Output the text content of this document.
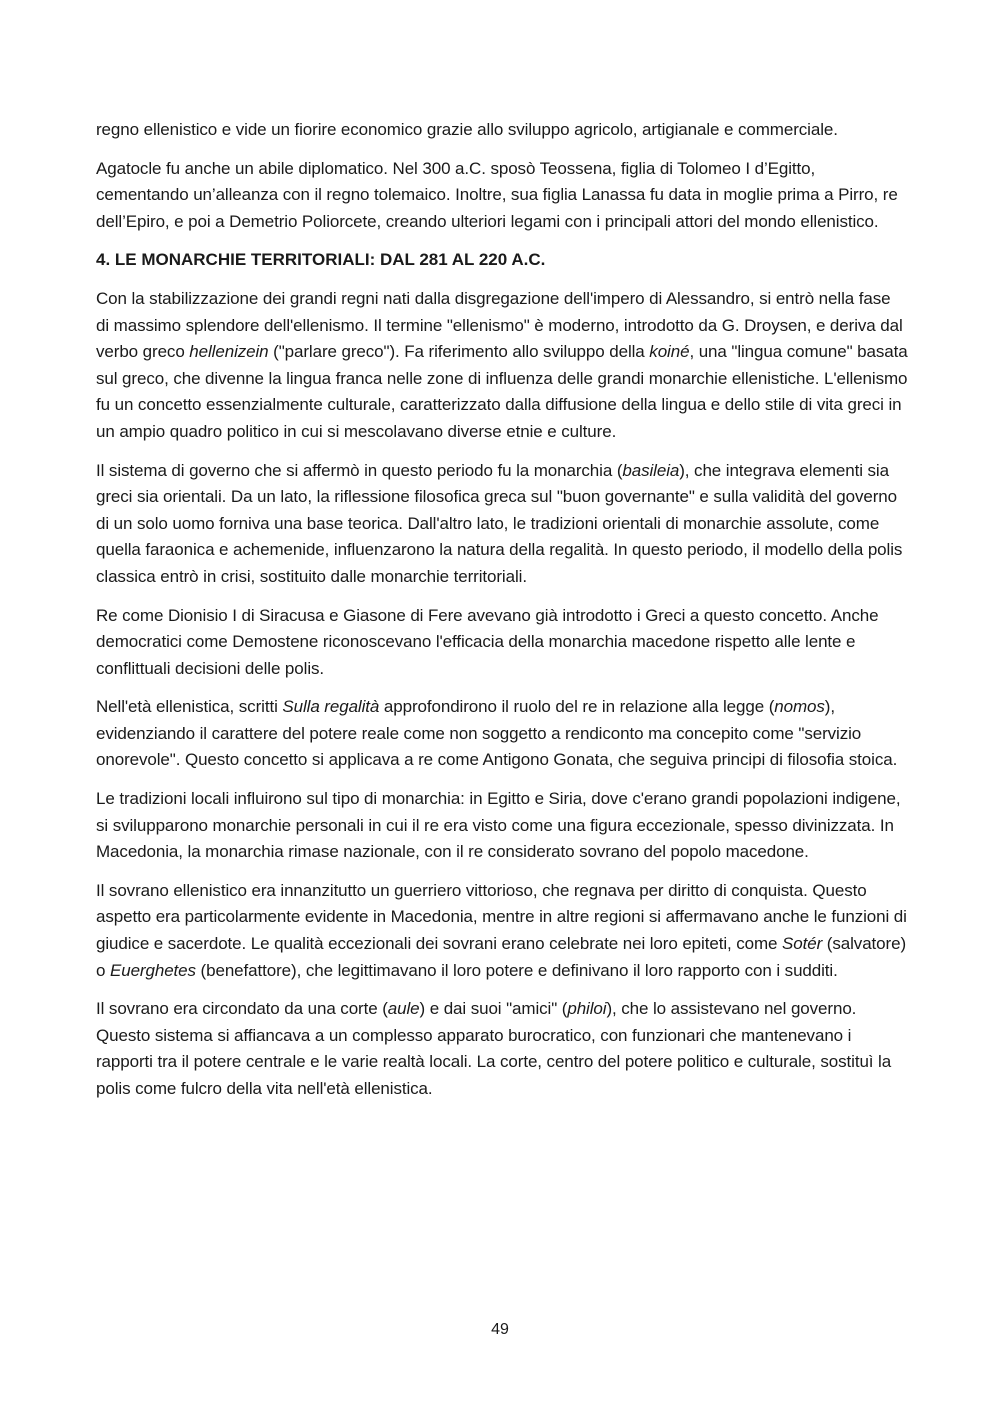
regno ellenistico e vide un fiorire economico grazie allo sviluppo agricolo, artigianale e commerciale.

Agatocle fu anche un abile diplomatico. Nel 300 a.C. sposò Teossena, figlia di Tolomeo I d’Egitto, cementando un’alleanza con il regno tolemaico. Inoltre, sua figlia Lanassa fu data in moglie prima a Pirro, re dell’Epiro, e poi a Demetrio Poliorcete, creando ulteriori legami con i principali attori del mondo ellenistico.

4. LE MONARCHIE TERRITORIALI: DAL 281 AL 220 A.C.

Con la stabilizzazione dei grandi regni nati dalla disgregazione dell'impero di Alessandro, si entrò nella fase di massimo splendore dell'ellenismo. Il termine "ellenismo" è moderno, introdotto da G. Droysen, e deriva dal verbo greco hellenizein ("parlare greco"). Fa riferimento allo sviluppo della koiné, una "lingua comune" basata sul greco, che divenne la lingua franca nelle zone di influenza delle grandi monarchie ellenistiche. L'ellenismo fu un concetto essenzialmente culturale, caratterizzato dalla diffusione della lingua e dello stile di vita greci in un ampio quadro politico in cui si mescolavano diverse etnie e culture.

Il sistema di governo che si affermò in questo periodo fu la monarchia (basileia), che integrava elementi sia greci sia orientali. Da un lato, la riflessione filosofica greca sul "buon governante" e sulla validità del governo di un solo uomo forniva una base teorica. Dall'altro lato, le tradizioni orientali di monarchie assolute, come quella faraonica e achemenide, influenzarono la natura della regalità. In questo periodo, il modello della polis classica entrò in crisi, sostituito dalle monarchie territoriali.

Re come Dionisio I di Siracusa e Giasone di Fere avevano già introdotto i Greci a questo concetto. Anche democratici come Demostene riconoscevano l'efficacia della monarchia macedone rispetto alle lente e conflittuali decisioni delle polis.

Nell'età ellenistica, scritti Sulla regalità approfondirono il ruolo del re in relazione alla legge (nomos), evidenziando il carattere del potere reale come non soggetto a rendiconto ma concepito come "servizio onorevole". Questo concetto si applicava a re come Antigono Gonata, che seguiva principi di filosofia stoica.

Le tradizioni locali influirono sul tipo di monarchia: in Egitto e Siria, dove c'erano grandi popolazioni indigene, si svilupparono monarchie personali in cui il re era visto come una figura eccezionale, spesso divinizzata. In Macedonia, la monarchia rimase nazionale, con il re considerato sovrano del popolo macedone.

Il sovrano ellenistico era innanzitutto un guerriero vittorioso, che regnava per diritto di conquista. Questo aspetto era particolarmente evidente in Macedonia, mentre in altre regioni si affermavano anche le funzioni di giudice e sacerdote. Le qualità eccezionali dei sovrani erano celebrate nei loro epiteti, come Sotér (salvatore) o Euerghetes (benefattore), che legittimavano il loro potere e definivano il loro rapporto con i sudditi.

Il sovrano era circondato da una corte (aule) e dai suoi "amici" (philoi), che lo assistevano nel governo. Questo sistema si affiancava a un complesso apparato burocratico, con funzionari che mantenevano i rapporti tra il potere centrale e le varie realtà locali. La corte, centro del potere politico e culturale, sostituì la polis come fulcro della vita nell'età ellenistica.

49
